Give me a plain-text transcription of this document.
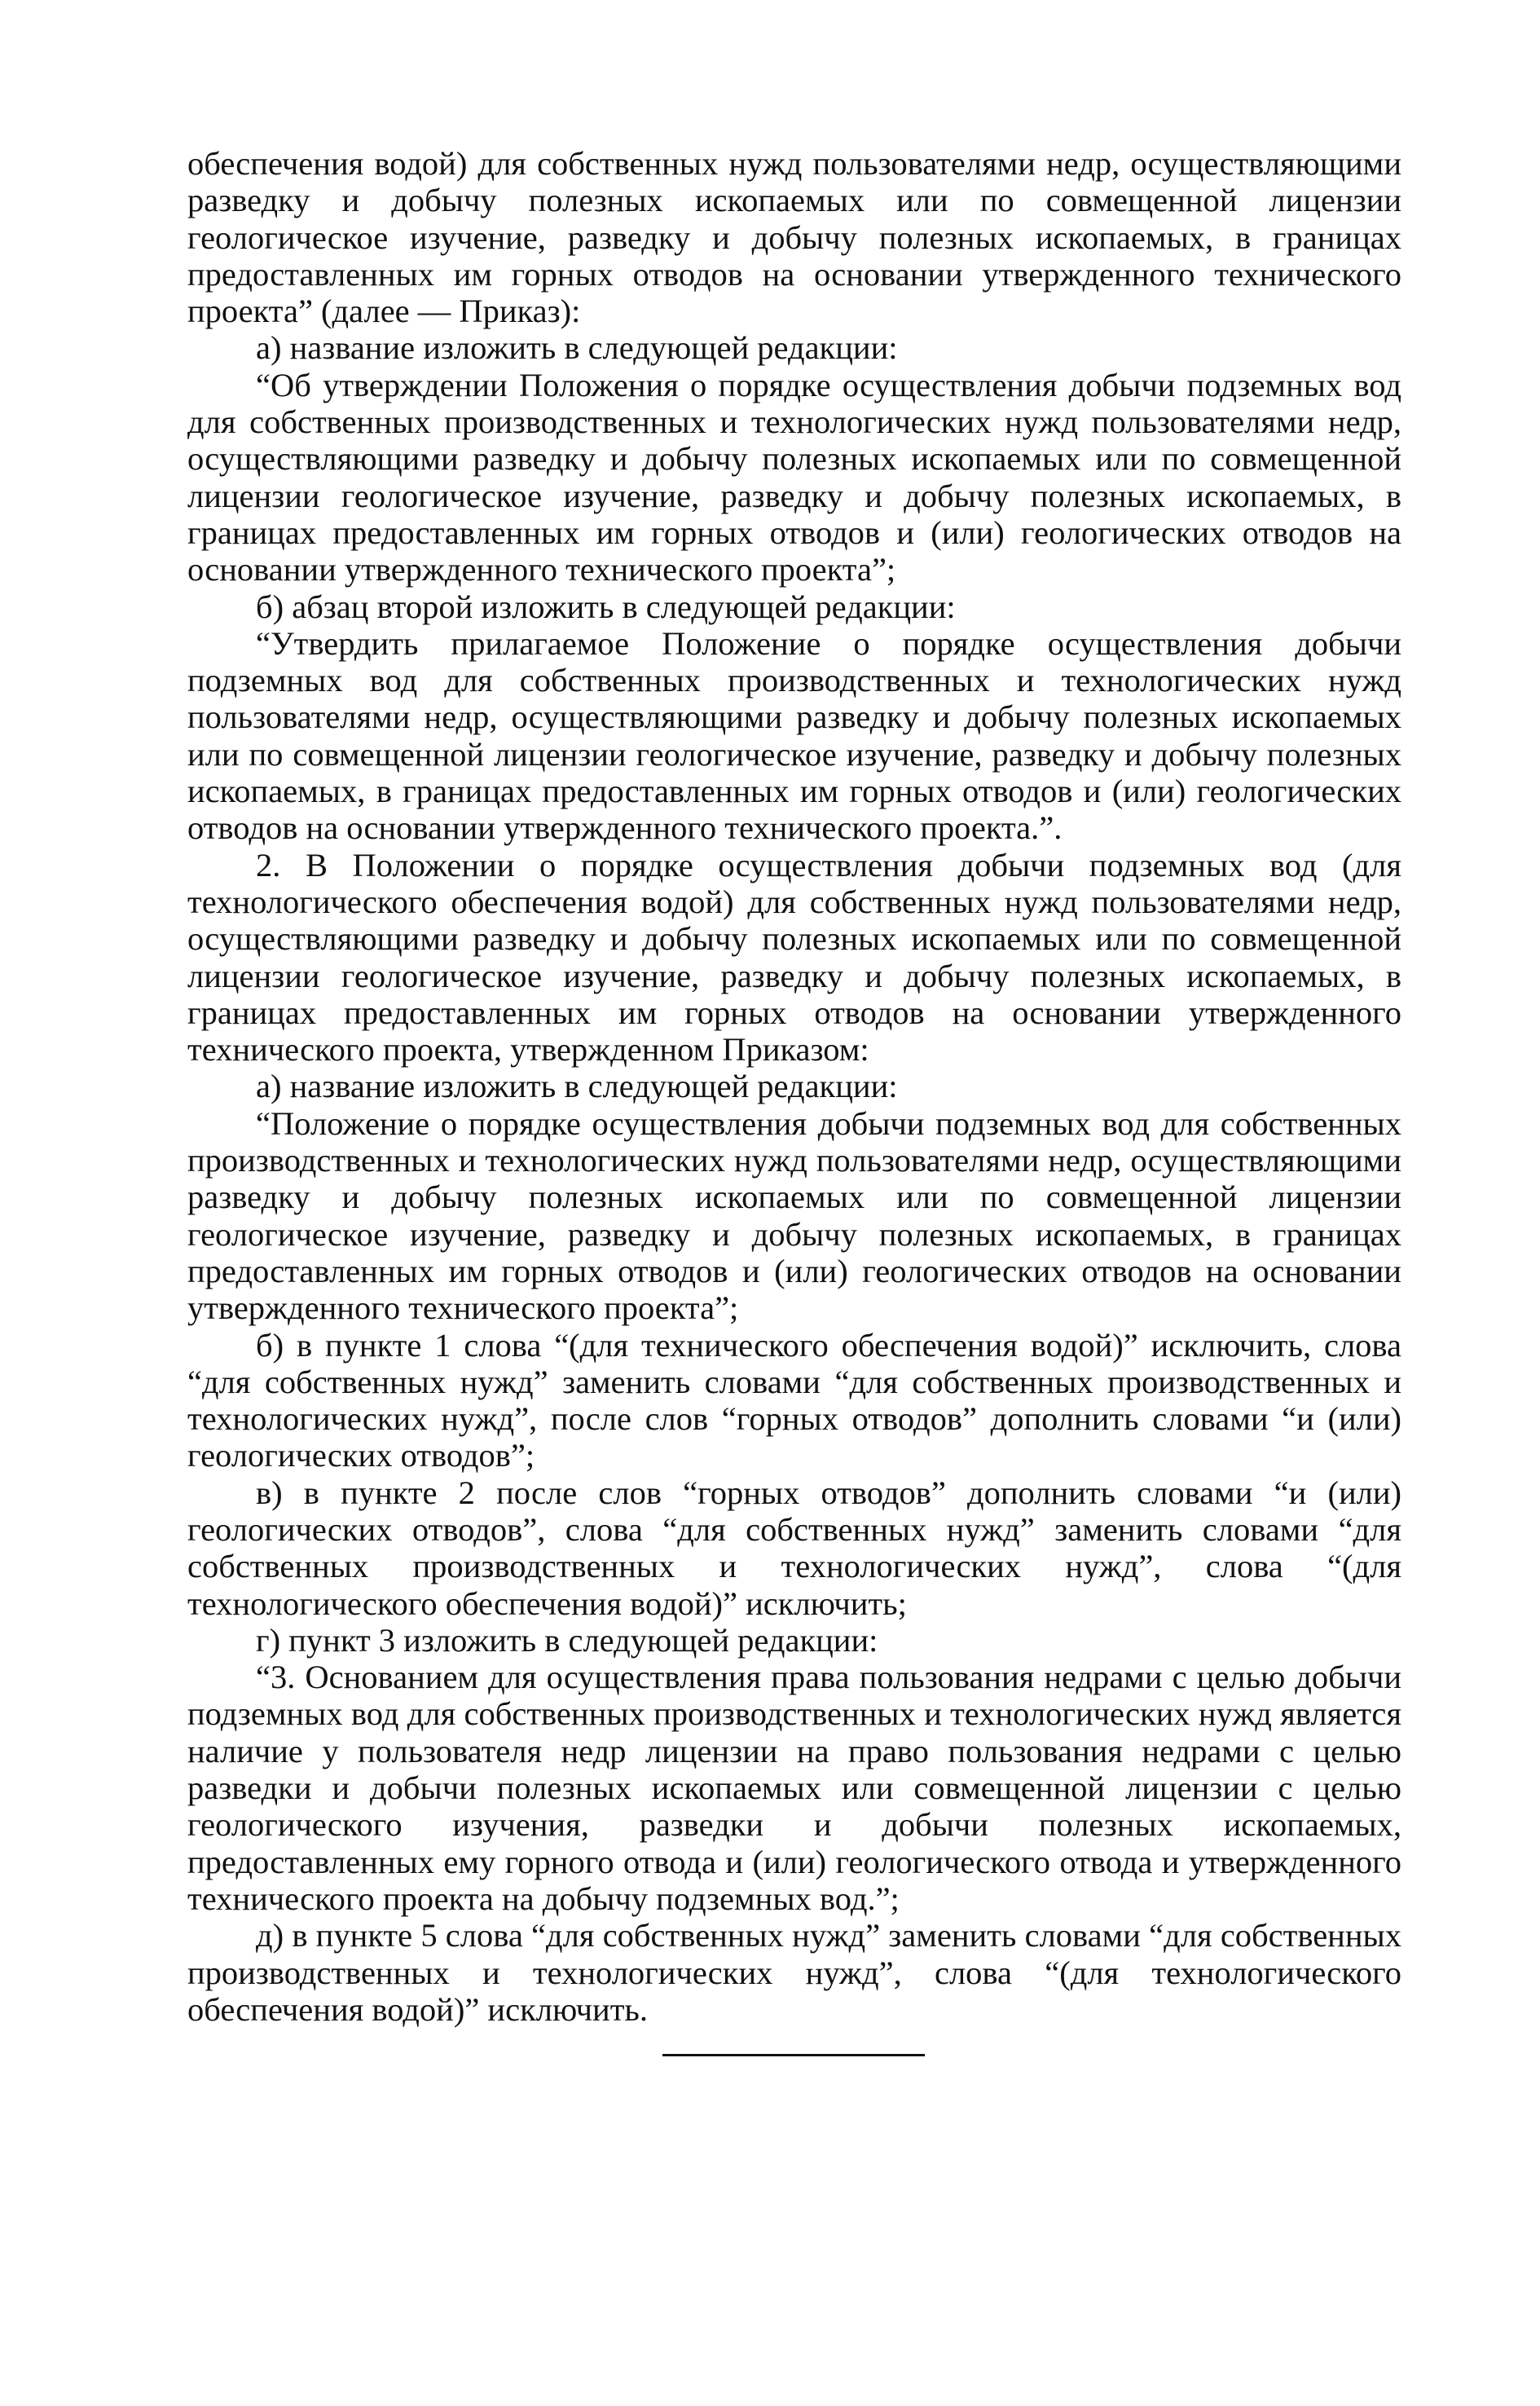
обеспечения водой) для собственных нужд пользователями недр, осуществляющими разведку и добычу полезных ископаемых или по совмещенной лицензии геологическое изучение, разведку и добычу полезных ископаемых, в границах предоставленных им горных отводов на основании утвержденного технического проекта” (далее — Приказ):

а) название изложить в следующей редакции:

“Об утверждении Положения о порядке осуществления добычи подземных вод для собственных производственных и технологических нужд пользователями недр, осуществляющими разведку и добычу полезных ископаемых или по совмещенной лицензии геологическое изучение, разведку и добычу полезных ископаемых, в границах предоставленных им горных отводов и (или) геологических отводов на основании утвержденного технического проекта”;

б) абзац второй изложить в следующей редакции:

“Утвердить прилагаемое Положение о порядке осуществления добычи подземных вод для собственных производственных и технологических нужд пользователями недр, осуществляющими разведку и добычу полезных ископаемых или по совмещенной лицензии геологическое изучение, разведку и добычу полезных ископаемых, в границах предоставленных им горных отводов и (или) геологических отводов на основании утвержденного технического проекта.”.

2. В Положении о порядке осуществления добычи подземных вод (для технологического обеспечения водой) для собственных нужд пользователями недр, осуществляющими разведку и добычу полезных ископаемых или по совмещенной лицензии геологическое изучение, разведку и добычу полезных ископаемых, в границах предоставленных им горных отводов на основании утвержденного технического проекта, утвержденном Приказом:

а) название изложить в следующей редакции:

“Положение о порядке осуществления добычи подземных вод для собственных производственных и технологических нужд пользователями недр, осуществляющими разведку и добычу полезных ископаемых или по совмещенной лицензии геологическое изучение, разведку и добычу полезных ископаемых, в границах предоставленных им горных отводов и (или) геологических отводов на основании утвержденного технического проекта”;

б) в пункте 1 слова “(для технического обеспечения водой)” исключить, слова “для собственных нужд” заменить словами “для собственных производственных и технологических нужд”, после слов “горных отводов” дополнить словами “и (или) геологических отводов”;

в) в пункте 2 после слов “горных отводов” дополнить словами “и (или) геологических отводов”, слова “для собственных нужд” заменить словами “для собственных производственных и технологических нужд”, слова “(для технологического обеспечения водой)” исключить;

г) пункт 3 изложить в следующей редакции:

“3. Основанием для осуществления права пользования недрами с целью добычи подземных вод для собственных производственных и технологических нужд является наличие у пользователя недр лицензии на право пользования недрами с целью разведки и добычи полезных ископаемых или совмещенной лицензии с целью геологического изучения, разведки и добычи полезных ископаемых, предоставленных ему горного отвода и (или) геологического отвода и утвержденного технического проекта на добычу подземных вод.”;

д) в пункте 5 слова “для собственных нужд” заменить словами “для собственных производственных и технологических нужд”, слова “(для технологического обеспечения водой)” исключить.
